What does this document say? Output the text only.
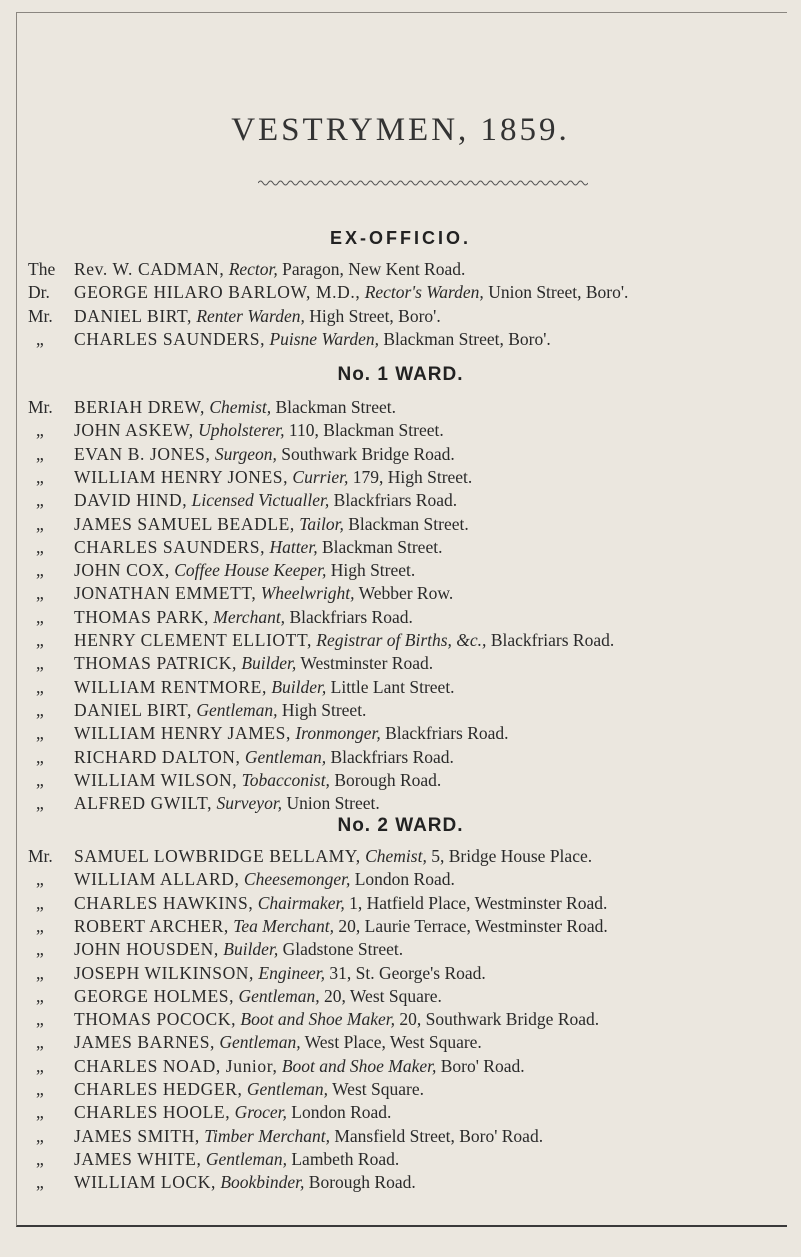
VESTRYMEN, 1859.
EX-OFFICIO.
No. 1 WARD.
No. 2 WARD.
The Rev. W. CADMAN, Rector, Paragon, New Kent Road.
Dr. GEORGE HILARO BARLOW, M.D., Rector's Warden, Union Street, Boro'.
Mr. DANIEL BIRT, Renter Warden, High Street, Boro'.
„ CHARLES SAUNDERS, Puisne Warden, Blackman Street, Boro'.
Mr. BERIAH DREW, Chemist, Blackman Street.
„ JOHN ASKEW, Upholsterer, 110, Blackman Street.
„ EVAN B. JONES, Surgeon, Southwark Bridge Road.
„ WILLIAM HENRY JONES, Currier, 179, High Street.
„ DAVID HIND, Licensed Victualler, Blackfriars Road.
„ JAMES SAMUEL BEADLE, Tailor, Blackman Street.
„ CHARLES SAUNDERS, Hatter, Blackman Street.
„ JOHN COX, Coffee House Keeper, High Street.
„ JONATHAN EMMETT, Wheelwright, Webber Row.
„ THOMAS PARK, Merchant, Blackfriars Road.
„ HENRY CLEMENT ELLIOTT, Registrar of Births, &c., Blackfriars Road.
„ THOMAS PATRICK, Builder, Westminster Road.
„ WILLIAM RENTMORE, Builder, Little Lant Street.
„ DANIEL BIRT, Gentleman, High Street.
„ WILLIAM HENRY JAMES, Ironmonger, Blackfriars Road.
„ RICHARD DALTON, Gentleman, Blackfriars Road.
„ WILLIAM WILSON, Tobacconist, Borough Road.
„ ALFRED GWILT, Surveyor, Union Street.
Mr. SAMUEL LOWBRIDGE BELLAMY, Chemist, 5, Bridge House Place.
„ WILLIAM ALLARD, Cheesemonger, London Road.
„ CHARLES HAWKINS, Chairmaker, 1, Hatfield Place, Westminster Road.
„ ROBERT ARCHER, Tea Merchant, 20, Laurie Terrace, Westminster Road.
„ JOHN HOUSDEN, Builder, Gladstone Street.
„ JOSEPH WILKINSON, Engineer, 31, St. George's Road.
„ GEORGE HOLMES, Gentleman, 20, West Square.
„ THOMAS POCOCK, Boot and Shoe Maker, 20, Southwark Bridge Road.
„ JAMES BARNES, Gentleman, West Place, West Square.
„ CHARLES NOAD, Junior, Boot and Shoe Maker, Boro' Road.
„ CHARLES HEDGER, Gentleman, West Square.
„ CHARLES HOOLE, Grocer, London Road.
„ JAMES SMITH, Timber Merchant, Mansfield Street, Boro' Road.
„ JAMES WHITE, Gentleman, Lambeth Road.
„ WILLIAM LOCK, Bookbinder, Borough Road.
